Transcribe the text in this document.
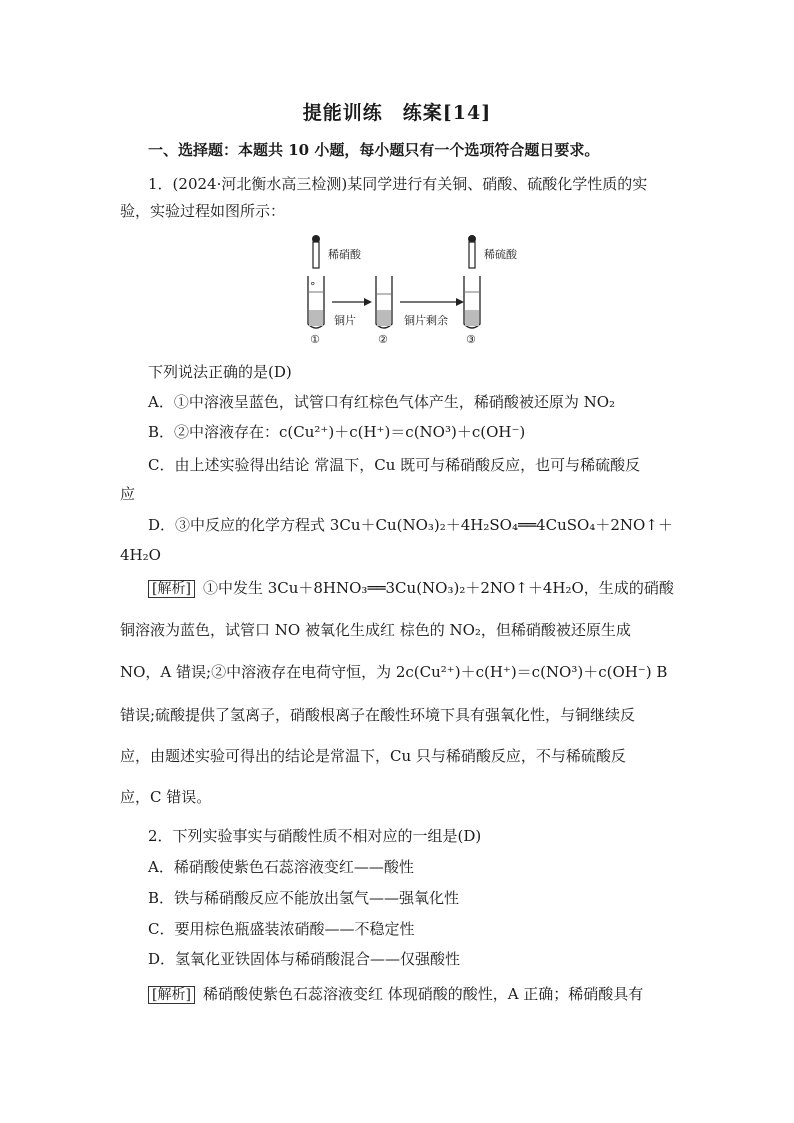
提能训练　练案[14]
一、选择题：本题共 10 小题，每小题只有一个选项符合题日要求。
1．(2024·河北衡水高三检测)某同学进行有关铜、硝酸、硫酸化学性质的实
验，实验过程如图所示：
稀硝酸
°
铜片	铜片剩余
稀硫酸
①	②	③
下列说法正确的是(D)
A．①中溶液呈蓝色，试管口有红棕色气体产生，稀硝酸被还原为 NO₂
B．②中溶液存在：c(Cu²⁺)＋c(H⁺)＝c(NO³)＋c(OH⁻)
C．由上述实验得出结论 常温下，Cu 既可与稀硝酸反应，也可与稀硫酸反
应
D．③中反应的化学方程式 3Cu＋Cu(NO₃)₂＋4H₂SO₄══4CuSO₄＋2NO↑＋
4H₂O
[解析] ①中发生 3Cu＋8HNO₃══3Cu(NO₃)₂＋2NO↑＋4H₂O，生成的硝酸
铜溶液为蓝色，试管口 NO 被氧化生成红 棕色的 NO₂，但稀硝酸被还原生成
NO，A 错误;②中溶液存在电荷守恒，为 2c(Cu²⁺)＋c(H⁺)＝c(NO³)＋c(OH⁻) B
错误;硫酸提供了氢离子，硝酸根离子在酸性环境下具有强氧化性，与铜继续反
应，由题述实验可得出的结论是常温下，Cu 只与稀硝酸反应，不与稀硫酸反
应，C 错误。
2．下列实验事实与硝酸性质不相对应的一组是(D)
A．稀硝酸使紫色石蕊溶液变红——酸性
B．铁与稀硝酸反应不能放出氢气——强氧化性
C．要用棕色瓶盛装浓硝酸——不稳定性
D．氢氧化亚铁固体与稀硝酸混合——仅强酸性
[解析] 稀硝酸使紫色石蕊溶液变红 体现硝酸的酸性，A 正确；稀硝酸具有
